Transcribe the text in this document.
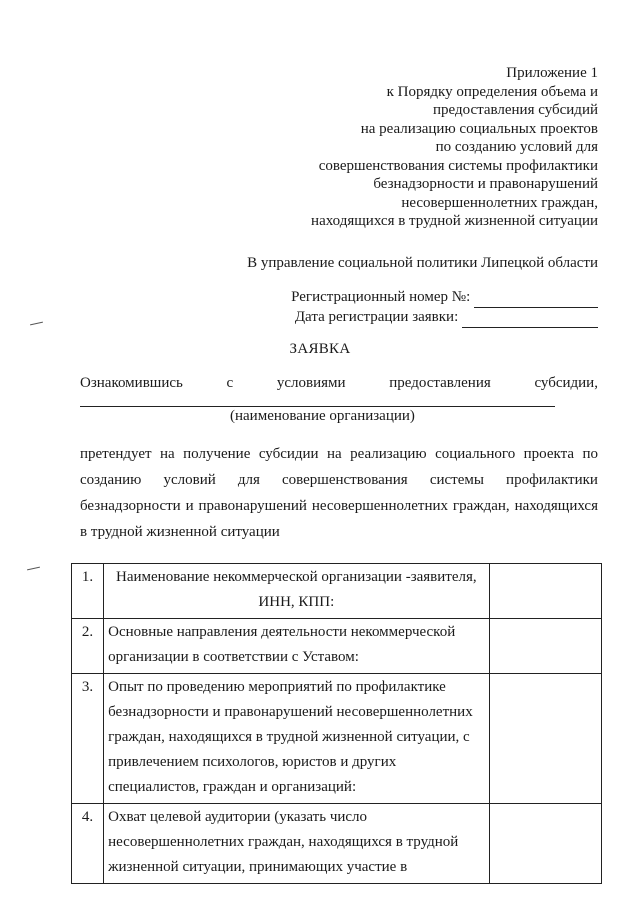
Приложение 1
к Порядку определения объема и
предоставления субсидий
на реализацию социальных проектов
по созданию условий для
совершенствования системы профилактики
безнадзорности и правонарушений
несовершеннолетних граждан,
находящихся в трудной жизненной ситуации
В управление социальной политики Липецкой области
Регистрационный номер №:
Дата регистрации заявки:
ЗАЯВКА
Ознакомившись	с	условиями	предоставления	субсидии,
(наименование организации)
претендует на получение субсидии на реализацию социального проекта по
созданию условий для совершенствования системы профилактики
безнадзорности и правонарушений несовершеннолетних граждан, находящихся
в трудной жизненной ситуации
1.	Наименование некоммерческой организации -заявителя,
ИНН, КПП:	

2.	Основные направления деятельности некоммерческой
организации в соответствии с Уставом:	

3.	Опыт по проведению мероприятий по профилактике
безнадзорности и правонарушений несовершеннолетних
граждан, находящихся в трудной жизненной ситуации, с
привлечением психологов, юристов и других
специалистов, граждан и организаций:	

4.	Охват целевой аудитории (указать число
несовершеннолетних граждан, находящихся в трудной
жизненной ситуации, принимающих участие в	
